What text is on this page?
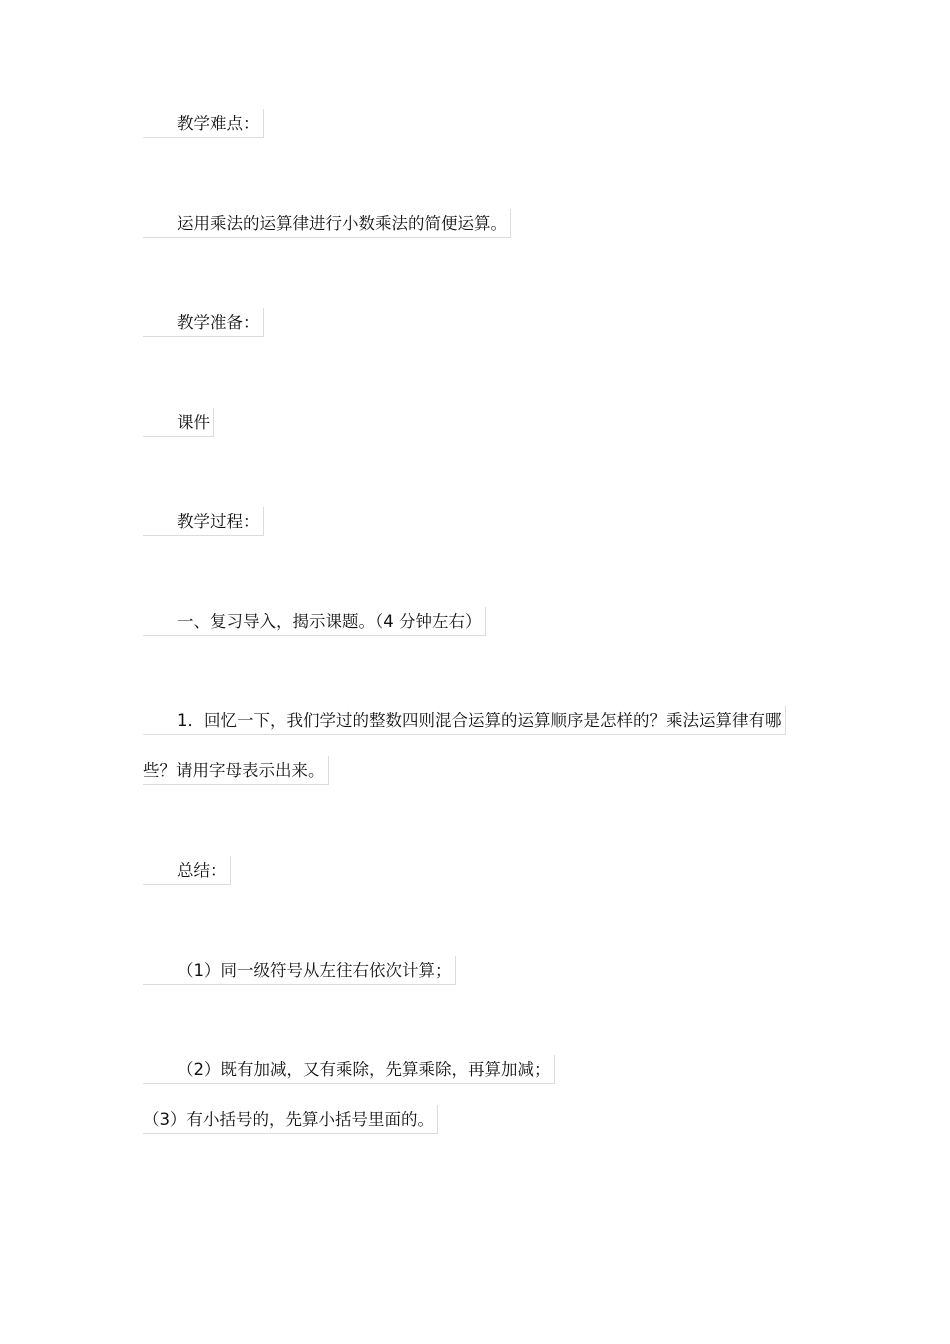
教学难点：
运用乘法的运算律进行小数乘法的简便运算。
教学准备：
课件
教学过程：
一、复习导入，揭示课题。（4 分钟左右）
1．回忆一下，我们学过的整数四则混合运算的运算顺序是怎样的？乘法运算律有哪
些？请用字母表示出来。
总结：
（1）同一级符号从左往右依次计算；
（2）既有加减，又有乘除，先算乘除，再算加减；
（3）有小括号的，先算小括号里面的。
